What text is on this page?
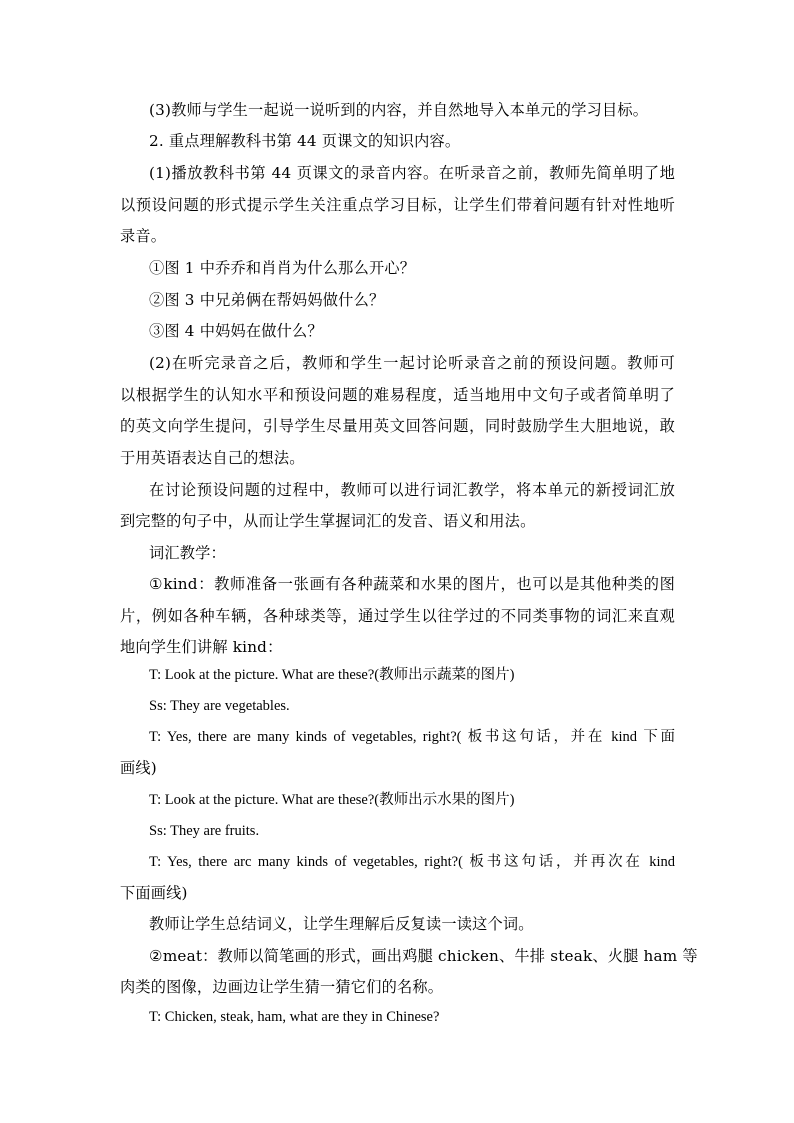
(3)教师与学生一起说一说听到的内容，并自然地导入本单元的学习目标。
2. 重点理解教科书第 44 页课文的知识内容。
(1)播放教科书第 44 页课文的录音内容。在听录音之前，教师先简单明了地
以预设问题的形式提示学生关注重点学习目标，让学生们带着问题有针对性地听
录音。
①图 1 中乔乔和肖肖为什么那么开心？
②图 3 中兄弟俩在帮妈妈做什么？
③图 4 中妈妈在做什么？
(2)在听完录音之后，教师和学生一起讨论听录音之前的预设问题。教师可
以根据学生的认知水平和预设问题的难易程度，适当地用中文句子或者简单明了
的英文向学生提问，引导学生尽量用英文回答问题，同时鼓励学生大胆地说，敢
于用英语表达自己的想法。
在讨论预设问题的过程中，教师可以进行词汇教学，将本单元的新授词汇放
到完整的句子中，从而让学生掌握词汇的发音、语义和用法。
词汇教学：
①kind：教师准备一张画有各种蔬菜和水果的图片，也可以是其他种类的图
片，例如各种车辆，各种球类等，通过学生以往学过的不同类事物的词汇来直观
地向学生们讲解 kind：
T: Look at the picture. What are these?(教师出示蔬菜的图片)
Ss: They are vegetables.
T: Yes, there are many kinds of vegetables, right?( 板书这句话，并在 kind 下面
画线)
T: Look at the picture. What are these?(教师出示水果的图片)
Ss: They are fruits.
T: Yes, there arc many kinds of vegetables, right?( 板书这句话，并再次在 kind
下面画线)
教师让学生总结词义，让学生理解后反复读一读这个词。
②meat：教师以简笔画的形式，画出鸡腿 chicken、牛排 steak、火腿 ham 等
肉类的图像，边画边让学生猜一猜它们的名称。
T: Chicken, steak, ham, what are they in Chinese?
